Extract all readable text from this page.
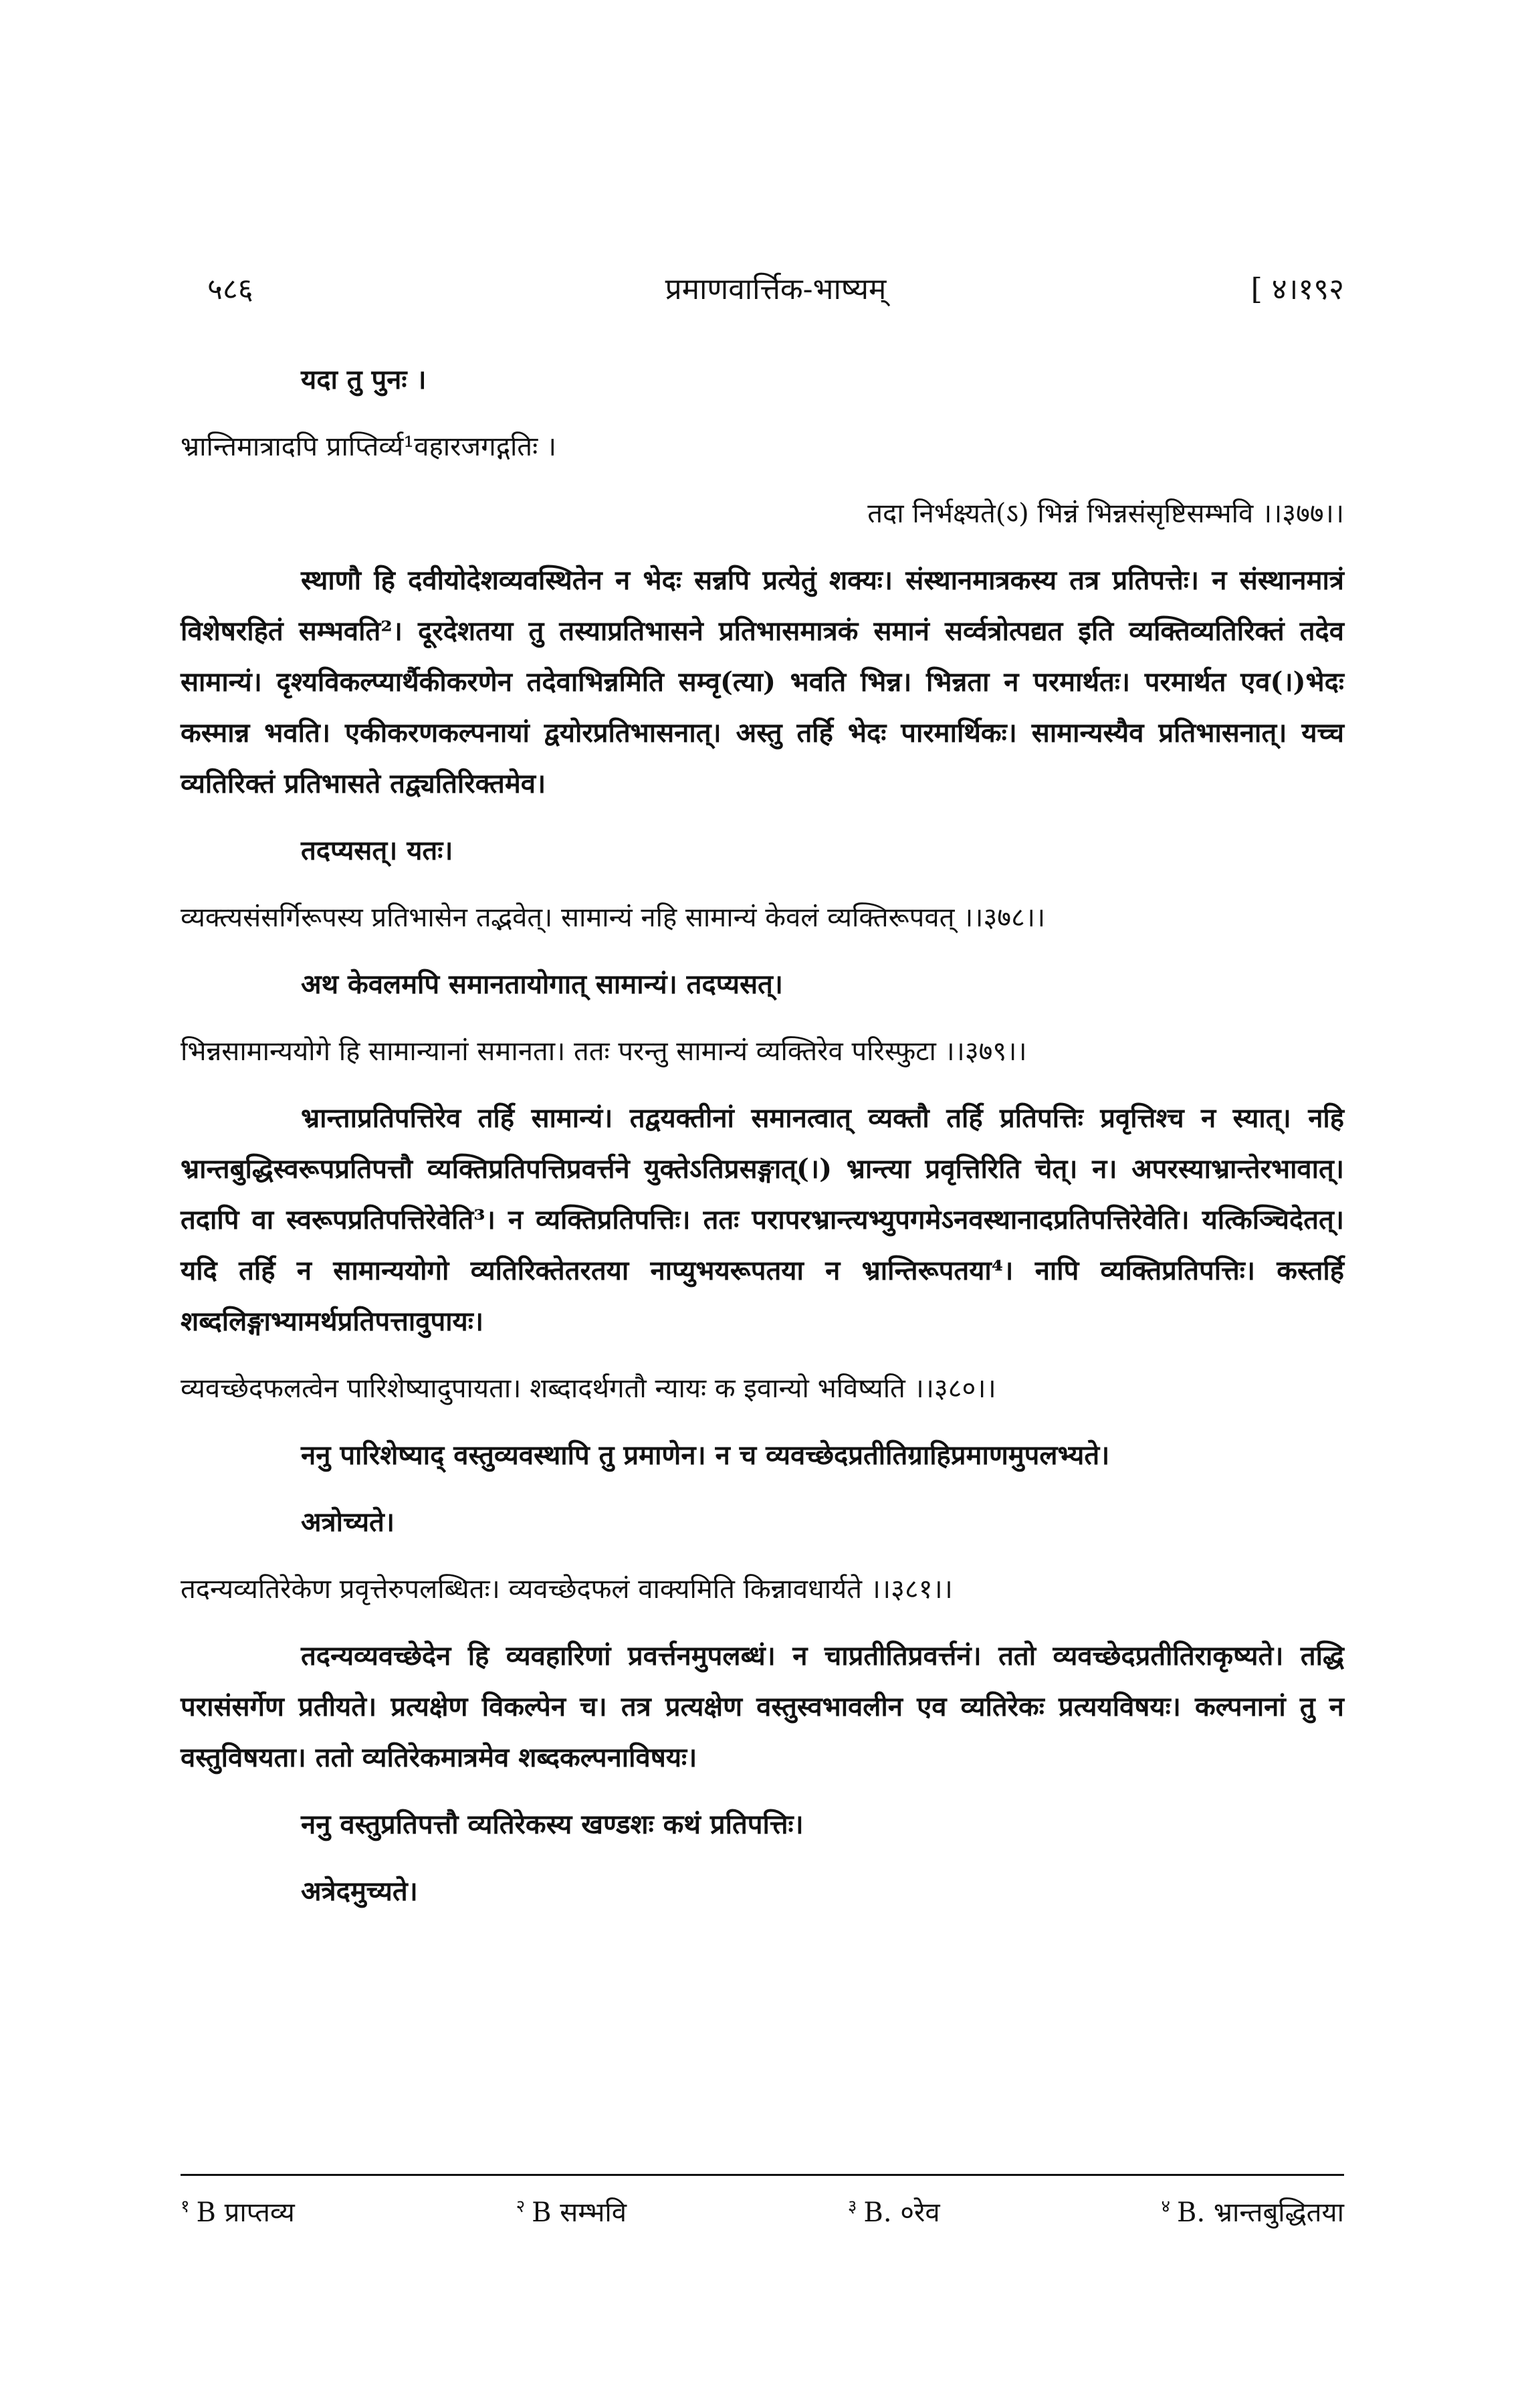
५८६	प्रमाणवार्त्तिक-भाष्यम्	[ ४।१९२

यदा तु पुनः ।

भ्रान्तिमात्रादपि प्राप्तिर्व्य¹वहारजगद्गतिः ।

तदा निर्भक्ष्यते(ऽ) भिन्नं भिन्नसंसृष्टिसम्भवि ।।३७७।।

स्थाणौ हि दवीयोदेशव्यवस्थितेन न भेदः सन्नपि प्रत्येतुं शक्यः। संस्थानमात्रकस्य तत्र प्रतिपत्तेः। न संस्थानमात्रं विशेषरहितं सम्भवति²। दूरदेशतया तु तस्याप्रतिभासने प्रतिभासमात्रकं समानं सर्व्वत्रोत्पद्यत इति व्यक्तिव्यतिरिक्तं तदेव सामान्यं। दृश्यविकल्प्यार्थैकीकरणेन तदेवाभिन्नमिति सम्वृ(त्या) भवति भिन्न। भिन्नता न परमार्थतः। परमार्थत एव(।)भेदः कस्मान्न भवति। एकीकरणकल्पनायां द्वयोरप्रतिभासनात्। अस्तु तर्हि भेदः पारमार्थिकः। सामान्यस्यैव प्रतिभासनात्। यच्च व्यतिरिक्तं प्रतिभासते तद्व्यतिरिक्तमेव।

तदप्यसत्। यतः।

व्यक्त्यसंसर्गिरूपस्य प्रतिभासेन तद्भवेत्। सामान्यं नहि सामान्यं केवलं व्यक्तिरूपवत् ।।३७८।।

अथ केवलमपि समानतायोगात् सामान्यं। तदप्यसत्।

भिन्नसामान्ययोगे हि सामान्यानां समानता। ततः परन्तु सामान्यं व्यक्तिरेव परिस्फुटा ।।३७९।।

भ्रान्ताप्रतिपत्तिरेव तर्हि सामान्यं। तद्वयक्तीनां समानत्वात् व्यक्तौ तर्हि प्रतिपत्तिः प्रवृत्तिश्च न स्यात्। नहि भ्रान्तबुद्धिस्वरूपप्रतिपत्तौ व्यक्तिप्रतिपत्तिप्रवर्त्तने युक्तेऽतिप्रसङ्गात्(।) भ्रान्त्या प्रवृत्तिरिति चेत्। न। अपरस्याभ्रान्तेरभावात्। तदापि वा स्वरूपप्रतिपत्तिरेवेति³। न व्यक्तिप्रतिपत्तिः। ततः परापरभ्रान्त्यभ्युपगमेऽनवस्थानादप्रतिपत्तिरेवेति। यत्किञ्चिदेतत्। यदि तर्हि न सामान्ययोगो व्यतिरिक्तेतरतया नाप्युभयरूपतया न भ्रान्तिरूपतया⁴। नापि व्यक्तिप्रतिपत्तिः। कस्तर्हि शब्दलिङ्गाभ्यामर्थप्रतिपत्तावुपायः।

व्यवच्छेदफलत्वेन पारिशेष्यादुपायता। शब्दादर्थगतौ न्यायः क इवान्यो भविष्यति ।।३८०।।

ननु पारिशेष्याद् वस्तुव्यवस्थापि तु प्रमाणेन। न च व्यवच्छेदप्रतीतिग्राहिप्रमाणमुपलभ्यते।

अत्रोच्यते।

तदन्यव्यतिरेकेण प्रवृत्तेरुपलब्धितः। व्यवच्छेदफलं वाक्यमिति किन्नावधार्यते ।।३८१।।

तदन्यव्यवच्छेदेन हि व्यवहारिणां प्रवर्त्तनमुपलब्धं। न चाप्रतीतिप्रवर्त्तनं। ततो व्यवच्छेदप्रतीतिराकृष्यते। तद्धि परासंसर्गेण प्रतीयते। प्रत्यक्षेण विकल्पेन च। तत्र प्रत्यक्षेण वस्तुस्वभावलीन एव व्यतिरेकः प्रत्ययविषयः। कल्पनानां तु न वस्तुविषयता। ततो व्यतिरेकमात्रमेव शब्दकल्पनाविषयः।

ननु वस्तुप्रतिपत्तौ व्यतिरेकस्य खण्डशः कथं प्रतिपत्तिः।

अत्रेदमुच्यते।

$^१$ B प्राप्तव्य	$^२$ B सम्भवि	$^३$ B. ०रेव	$^४$ B. भ्रान्तबुद्धितया
